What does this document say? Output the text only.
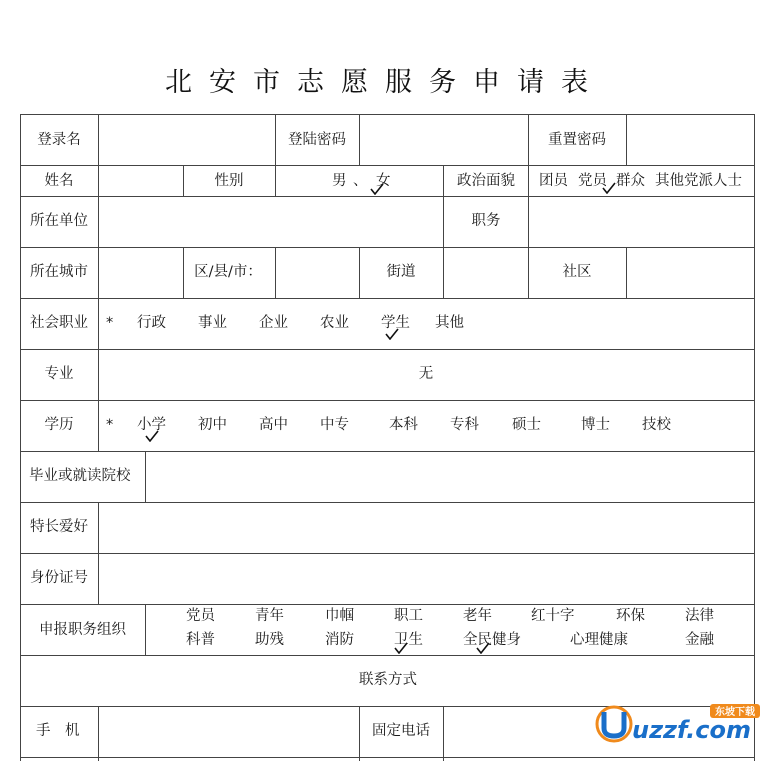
北安市志愿服务申请表
登录名	登陆密码	重置密码
姓名	性别	男 、 女	政治面貌 团员 党员 群众 其他党派人士
所在单位	职务
所在城市	区/县/市：	街道	社区
社会职业 * 行政 事业 企业 农业 学生 其他
专业	无
学历 * 小学 初中 高中 中专	本科 专科 硕士	博士 技校
毕业或就读院校
特长爱好
身份证号
申报职务组织
党员	青年	巾帼	职工	老年	红十字	环保	法律
科普	助残	消防	卫生	全民健身	心理健康	金融
联系方式
手　机	固定电话
东坡下载
uzzf.com
